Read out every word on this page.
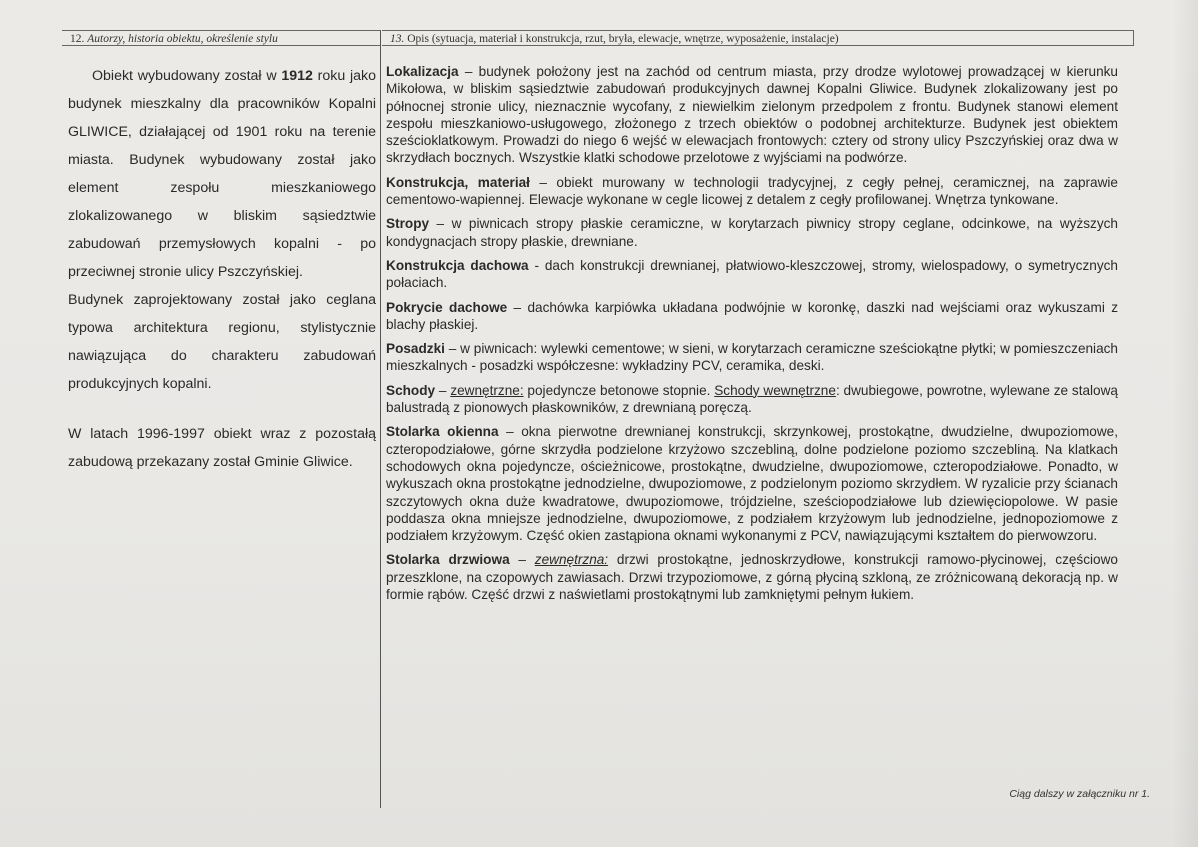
12. Autorzy, historia obiektu, określenie stylu

Obiekt wybudowany został w 1912 roku jako budynek mieszkalny dla pracowników Kopalni GLIWICE, działającej od 1901 roku na terenie miasta. Budynek wybudowany został jako element zespołu mieszkaniowego zlokalizowanego w bliskim sąsiedztwie zabudowań przemysłowych kopalni - po przeciwnej stronie ulicy Pszczyńskiej.

Budynek zaprojektowany został jako ceglana typowa architektura regionu, stylistycznie nawiązująca do charakteru zabudowań produkcyjnych kopalni.

W latach 1996-1997 obiekt wraz z pozostałą zabudową przekazany został Gminie Gliwice.

13. Opis (sytuacja, materiał i konstrukcja, rzut, bryła, elewacje, wnętrze, wyposażenie, instalacje)

Lokalizacja – budynek położony jest na zachód od centrum miasta, przy drodze wylotowej prowadzącej w kierunku Mikołowa, w bliskim sąsiedztwie zabudowań produkcyjnych dawnej Kopalni Gliwice. Budynek zlokalizowany jest po północnej stronie ulicy, nieznacznie wycofany, z niewielkim zielonym przedpolem z frontu. Budynek stanowi element zespołu mieszkaniowo-usługowego, złożonego z trzech obiektów o podobnej architekturze. Budynek jest obiektem sześcioklatkowym. Prowadzi do niego 6 wejść w elewacjach frontowych: cztery od strony ulicy Pszczyńskiej oraz dwa w skrzydłach bocznych. Wszystkie klatki schodowe przelotowe z wyjściami na podwórze.

Konstrukcja, materiał – obiekt murowany w technologii tradycyjnej, z cegły pełnej, ceramicznej, na zaprawie cementowo-wapiennej. Elewacje wykonane w cegle licowej z detalem z cegły profilowanej. Wnętrza tynkowane.

Stropy – w piwnicach stropy płaskie ceramiczne, w korytarzach piwnicy stropy ceglane, odcinkowe, na wyższych kondygnacjach stropy płaskie, drewniane.

Konstrukcja dachowa - dach konstrukcji drewnianej, płatwiowo-kleszczowej, stromy, wielospadowy, o symetrycznych połaciach.

Pokrycie dachowe – dachówka karpiówka układana podwójnie w koronkę, daszki nad wejściami oraz wykuszami z blachy płaskiej.

Posadzki – w piwnicach: wylewki cementowe; w sieni, w korytarzach ceramiczne sześciokątne płytki; w pomieszczeniach mieszkalnych - posadzki współczesne: wykładziny PCV, ceramika, deski.

Schody – zewnętrzne: pojedyncze betonowe stopnie. Schody wewnętrzne: dwubiegowe, powrotne, wylewane ze stalową balustradą z pionowych płaskowników, z drewnianą poręczą.

Stolarka okienna – okna pierwotne drewnianej konstrukcji, skrzynkowej, prostokątne, dwudzielne, dwupoziomowe, czteropodziałowe, górne skrzydła podzielone krzyżowo szczebliną, dolne podzielone poziomo szczebliną. Na klatkach schodowych okna pojedyncze, ościeżnicowe, prostokątne, dwudzielne, dwupoziomowe, czteropodziałowe. Ponadto, w wykuszach okna prostokątne jednodzielne, dwupoziomowe, z podzielonym poziomo skrzydłem. W ryzalicie przy ścianach szczytowych okna duże kwadratowe, dwupoziomowe, trójdzielne, sześciopodziałowe lub dziewięciopolowe. W pasie poddasza okna mniejsze jednodzielne, dwupoziomowe, z podziałem krzyżowym lub jednodzielne, jednopoziomowe z podziałem krzyżowym. Część okien zastąpiona oknami wykonanymi z PCV, nawiązującymi kształtem do pierwowzoru.

Stolarka drzwiowa – zewnętrzna: drzwi prostokątne, jednoskrzydłowe, konstrukcji ramowo-płycinowej, częściowo przeszklone, na czopowych zawiasach. Drzwi trzypoziomowe, z górną płyciną szkloną, ze zróżnicowaną dekoracją np. w formie rąbów. Część drzwi z naświetlami prostokątnymi lub zamkniętymi pełnym łukiem.

Ciąg dalszy w załączniku nr 1.
